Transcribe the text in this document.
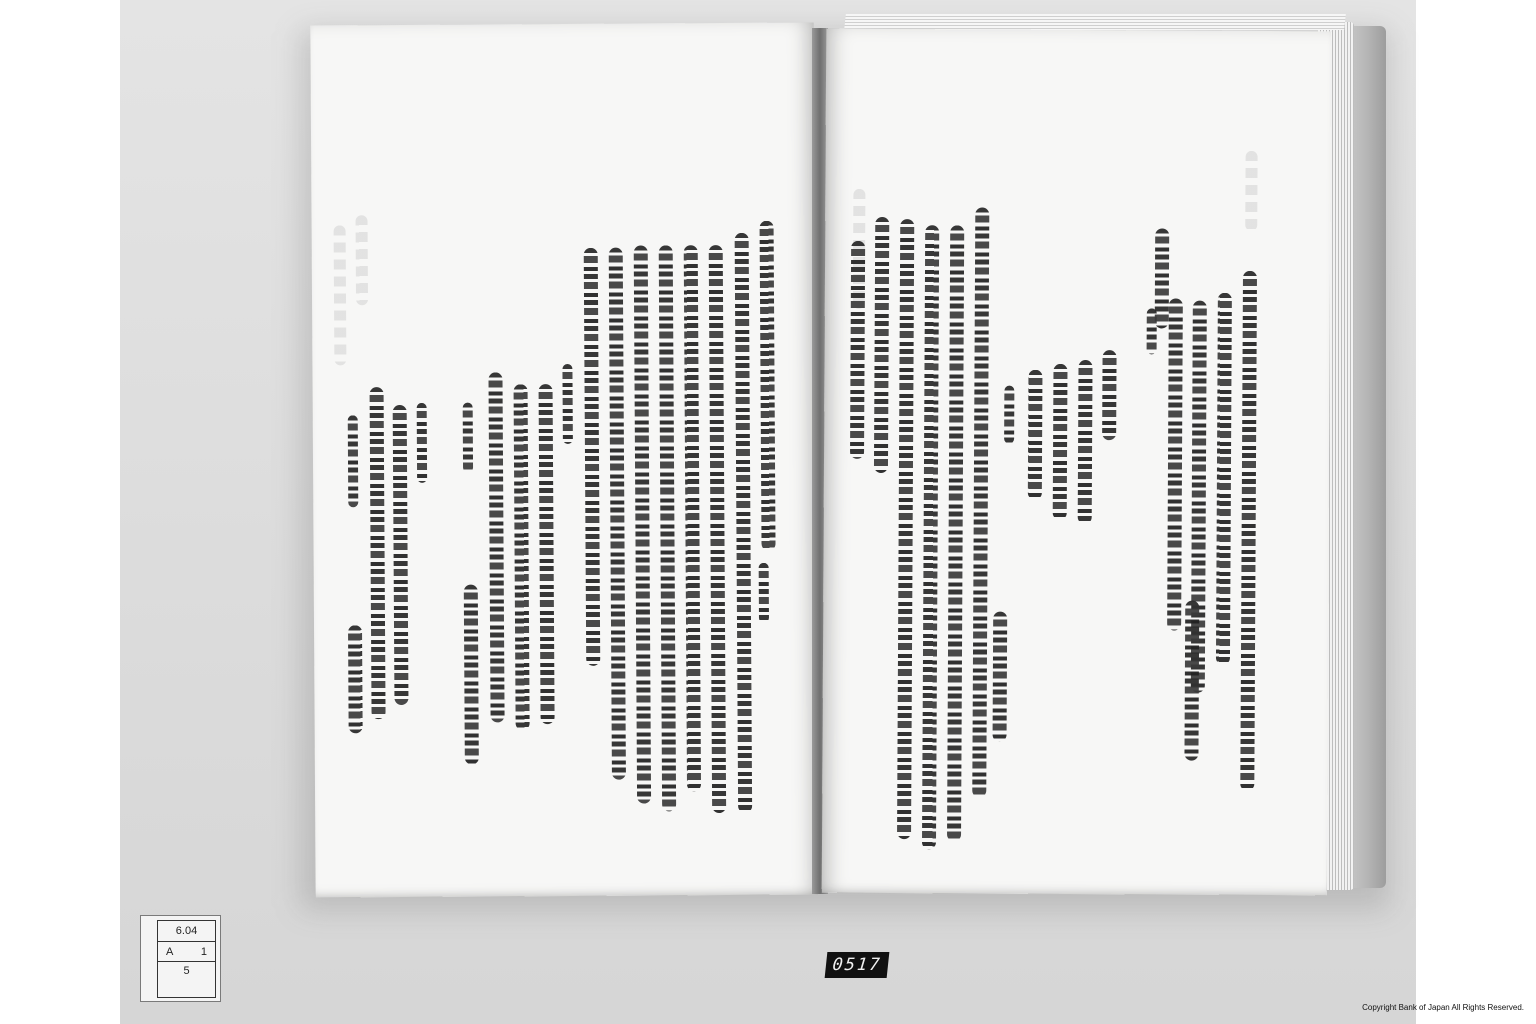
6.04
A	1
5	0517
Copyright Bank of Japan All Rights Reserved.
